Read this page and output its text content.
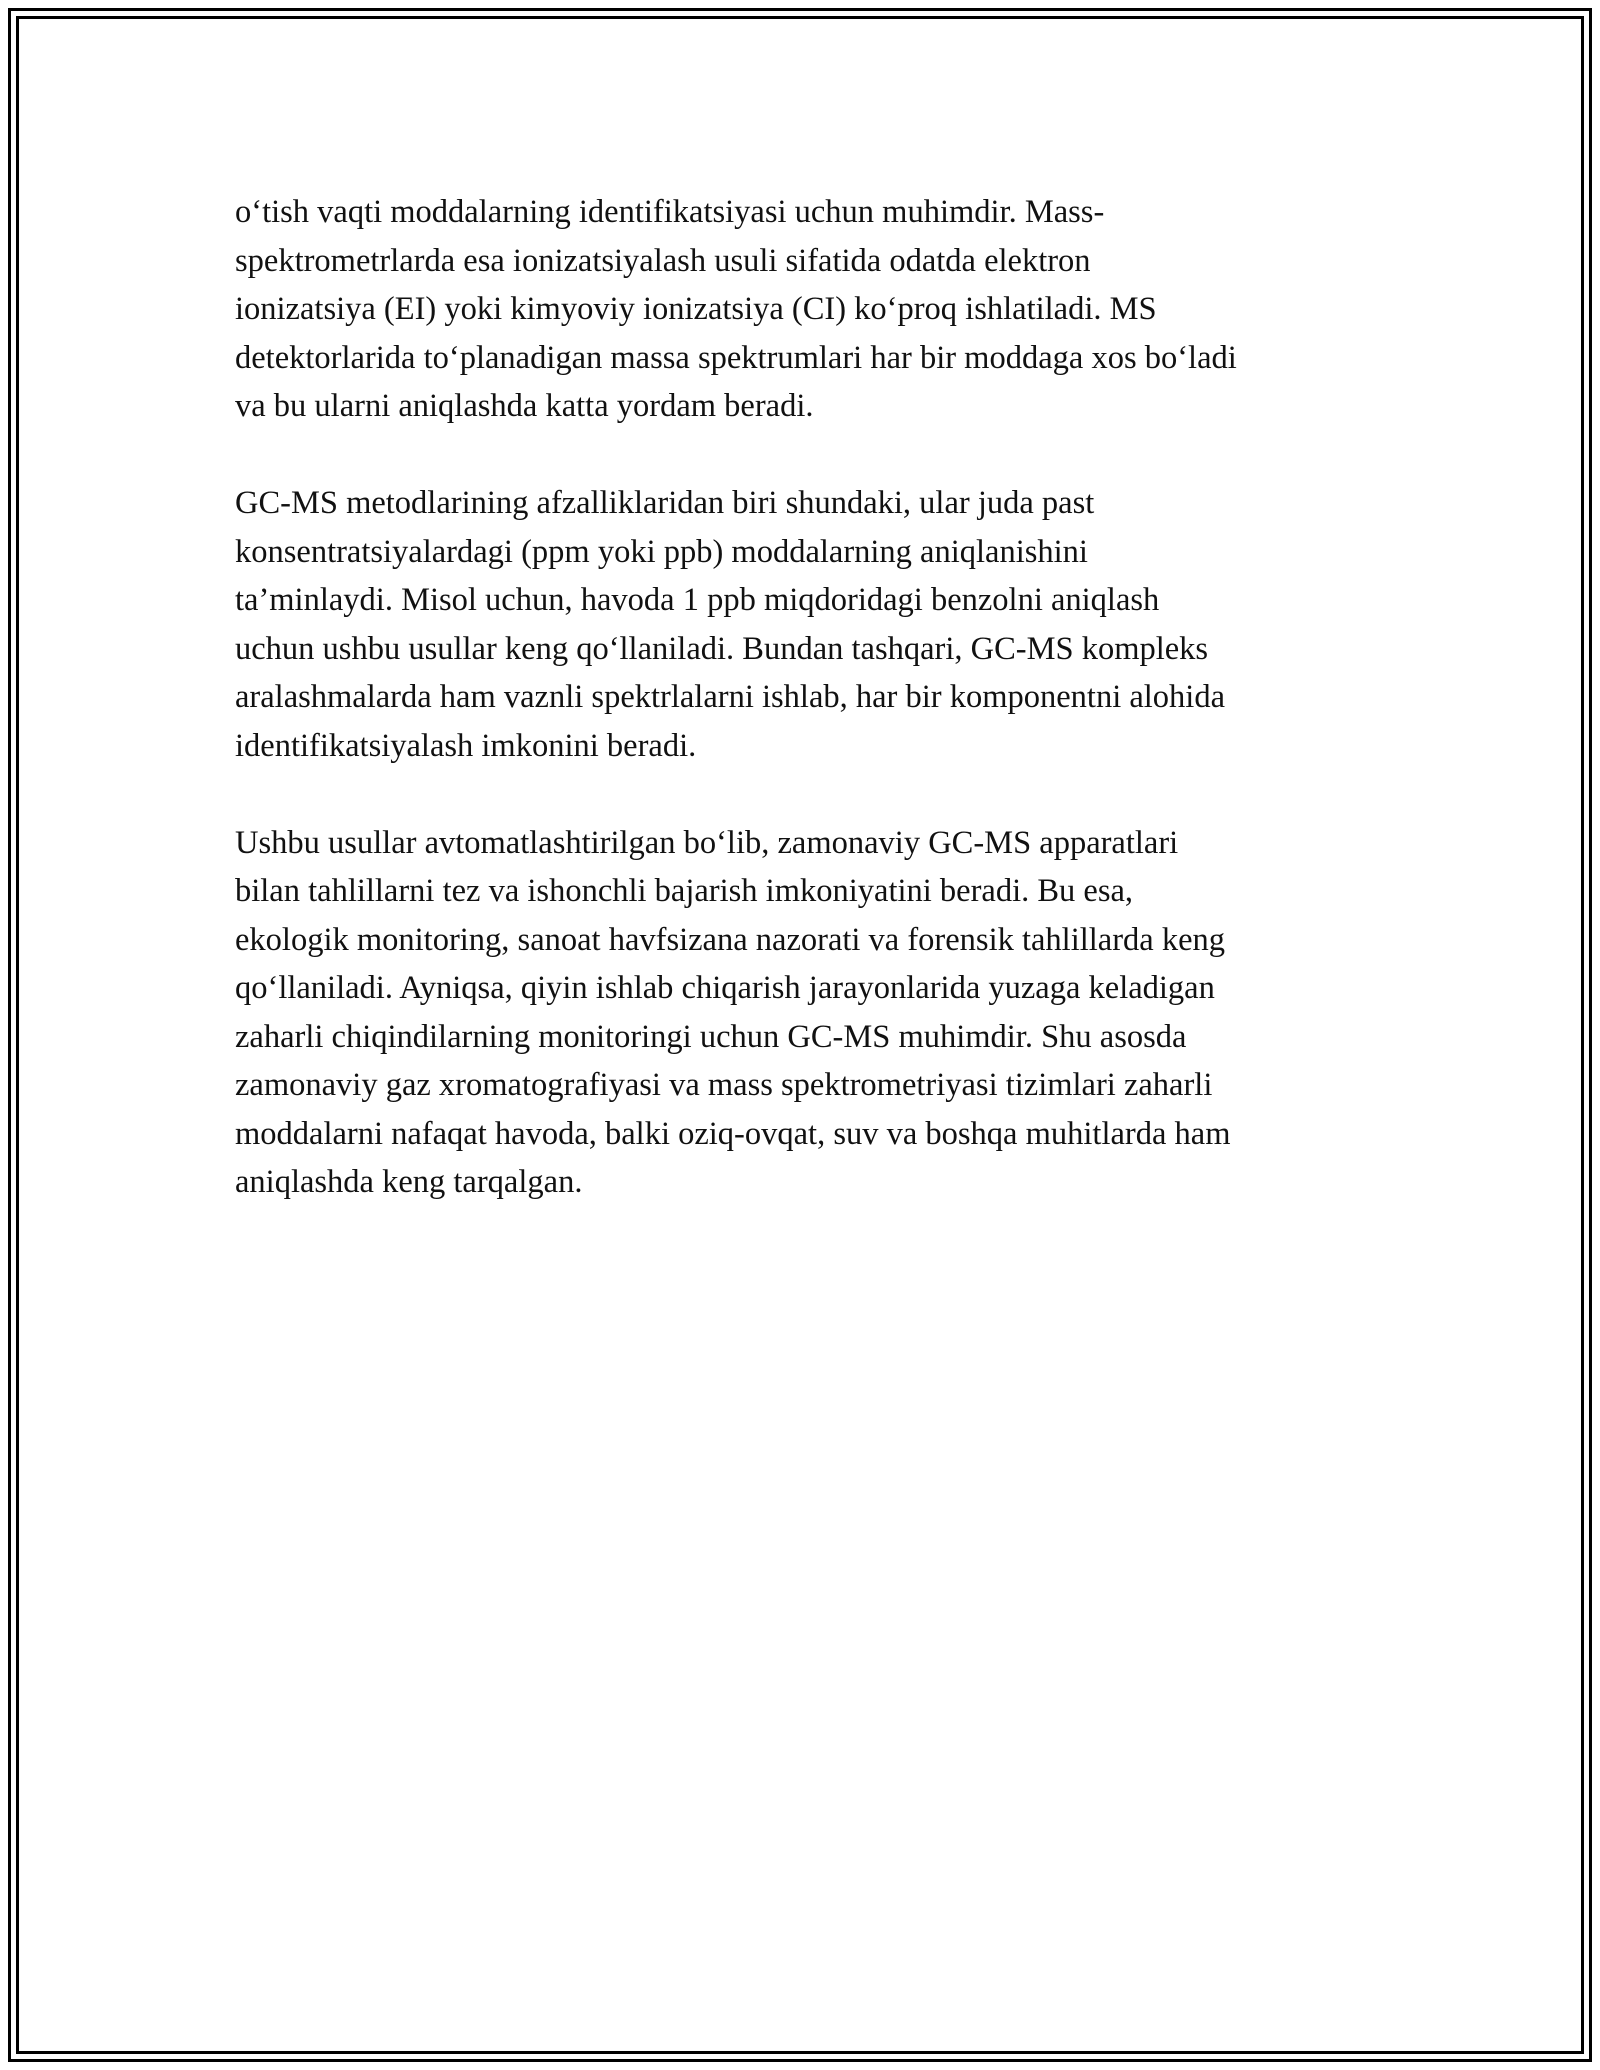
o‘tish vaqti moddalarning identifikatsiyasi uchun muhimdir. Mass-
spektrometrlarda esa ionizatsiyalash usuli sifatida odatda elektron
ionizatsiya (EI) yoki kimyoviy ionizatsiya (CI) ko‘proq ishlatiladi. MS
detektorlarida to‘planadigan massa spektrumlari har bir moddaga xos bo‘ladi
va bu ularni aniqlashda katta yordam beradi.

GC-MS metodlarining afzalliklaridan biri shundaki, ular juda past
konsentratsiyalardagi (ppm yoki ppb) moddalarning aniqlanishini
ta’minlaydi. Misol uchun, havoda 1 ppb miqdoridagi benzolni aniqlash
uchun ushbu usullar keng qo‘llaniladi. Bundan tashqari, GC-MS kompleks
aralashmalarda ham vaznli spektrlalarni ishlab, har bir komponentni alohida
identifikatsiyalash imkonini beradi.

Ushbu usullar avtomatlashtirilgan bo‘lib, zamonaviy GC-MS apparatlari
bilan tahlillarni tez va ishonchli bajarish imkoniyatini beradi. Bu esa,
ekologik monitoring, sanoat havfsizana nazorati va forensik tahlillarda keng
qo‘llaniladi. Ayniqsa, qiyin ishlab chiqarish jarayonlarida yuzaga keladigan
zaharli chiqindilarning monitoringi uchun GC-MS muhimdir. Shu asosda
zamonaviy gaz xromatografiyasi va mass spektrometriyasi tizimlari zaharli
moddalarni nafaqat havoda, balki oziq-ovqat, suv va boshqa muhitlarda ham
aniqlashda keng tarqalgan.
